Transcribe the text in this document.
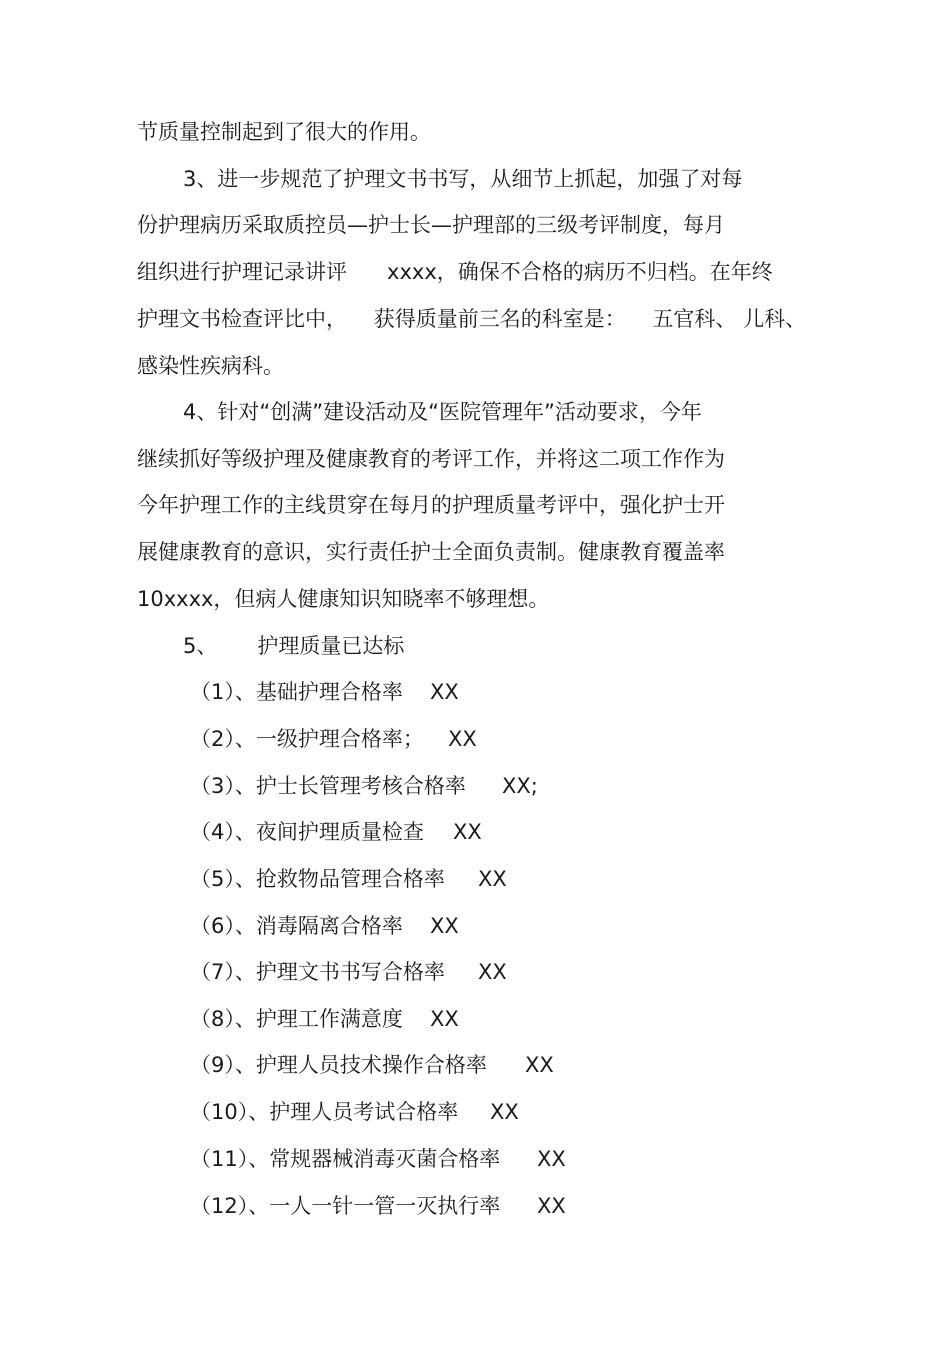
节质量控制起到了很大的作用。
3、进一步规范了护理文书书写，从细节上抓起，加强了对每
份护理病历采取质控员—护士长—护理部的三级考评制度，每月
组织进行护理记录讲评      xxxx，确保不合格的病历不归档。在年终
护理文书检查评比中，    获得质量前三名的科室是：    五官科、 儿科、
感染性疾病科。
4、针对“创满”建设活动及“医院管理年”活动要求，今年
继续抓好等级护理及健康教育的考评工作，并将这二项工作作为
今年护理工作的主线贯穿在每月的护理质量考评中，强化护士开
展健康教育的意识，实行责任护士全面负责制。健康教育覆盖率
10xxxx，但病人健康知识知晓率不够理想。
5、      护理质量已达标
（1）、基础护理合格率 XX
（2）、一级护理合格率； XX
（3）、护士长管理考核合格率 XX;
（4）、夜间护理质量检查 XX
（5）、抢救物品管理合格率 XX
（6）、消毒隔离合格率 XX
（7）、护理文书书写合格率 XX
（8）、护理工作满意度 XX
（9）、护理人员技术操作合格率 XX
（10）、护理人员考试合格率 XX
（11）、常规器械消毒灭菌合格率 XX
（12）、一人一针一管一灭执行率 XX
